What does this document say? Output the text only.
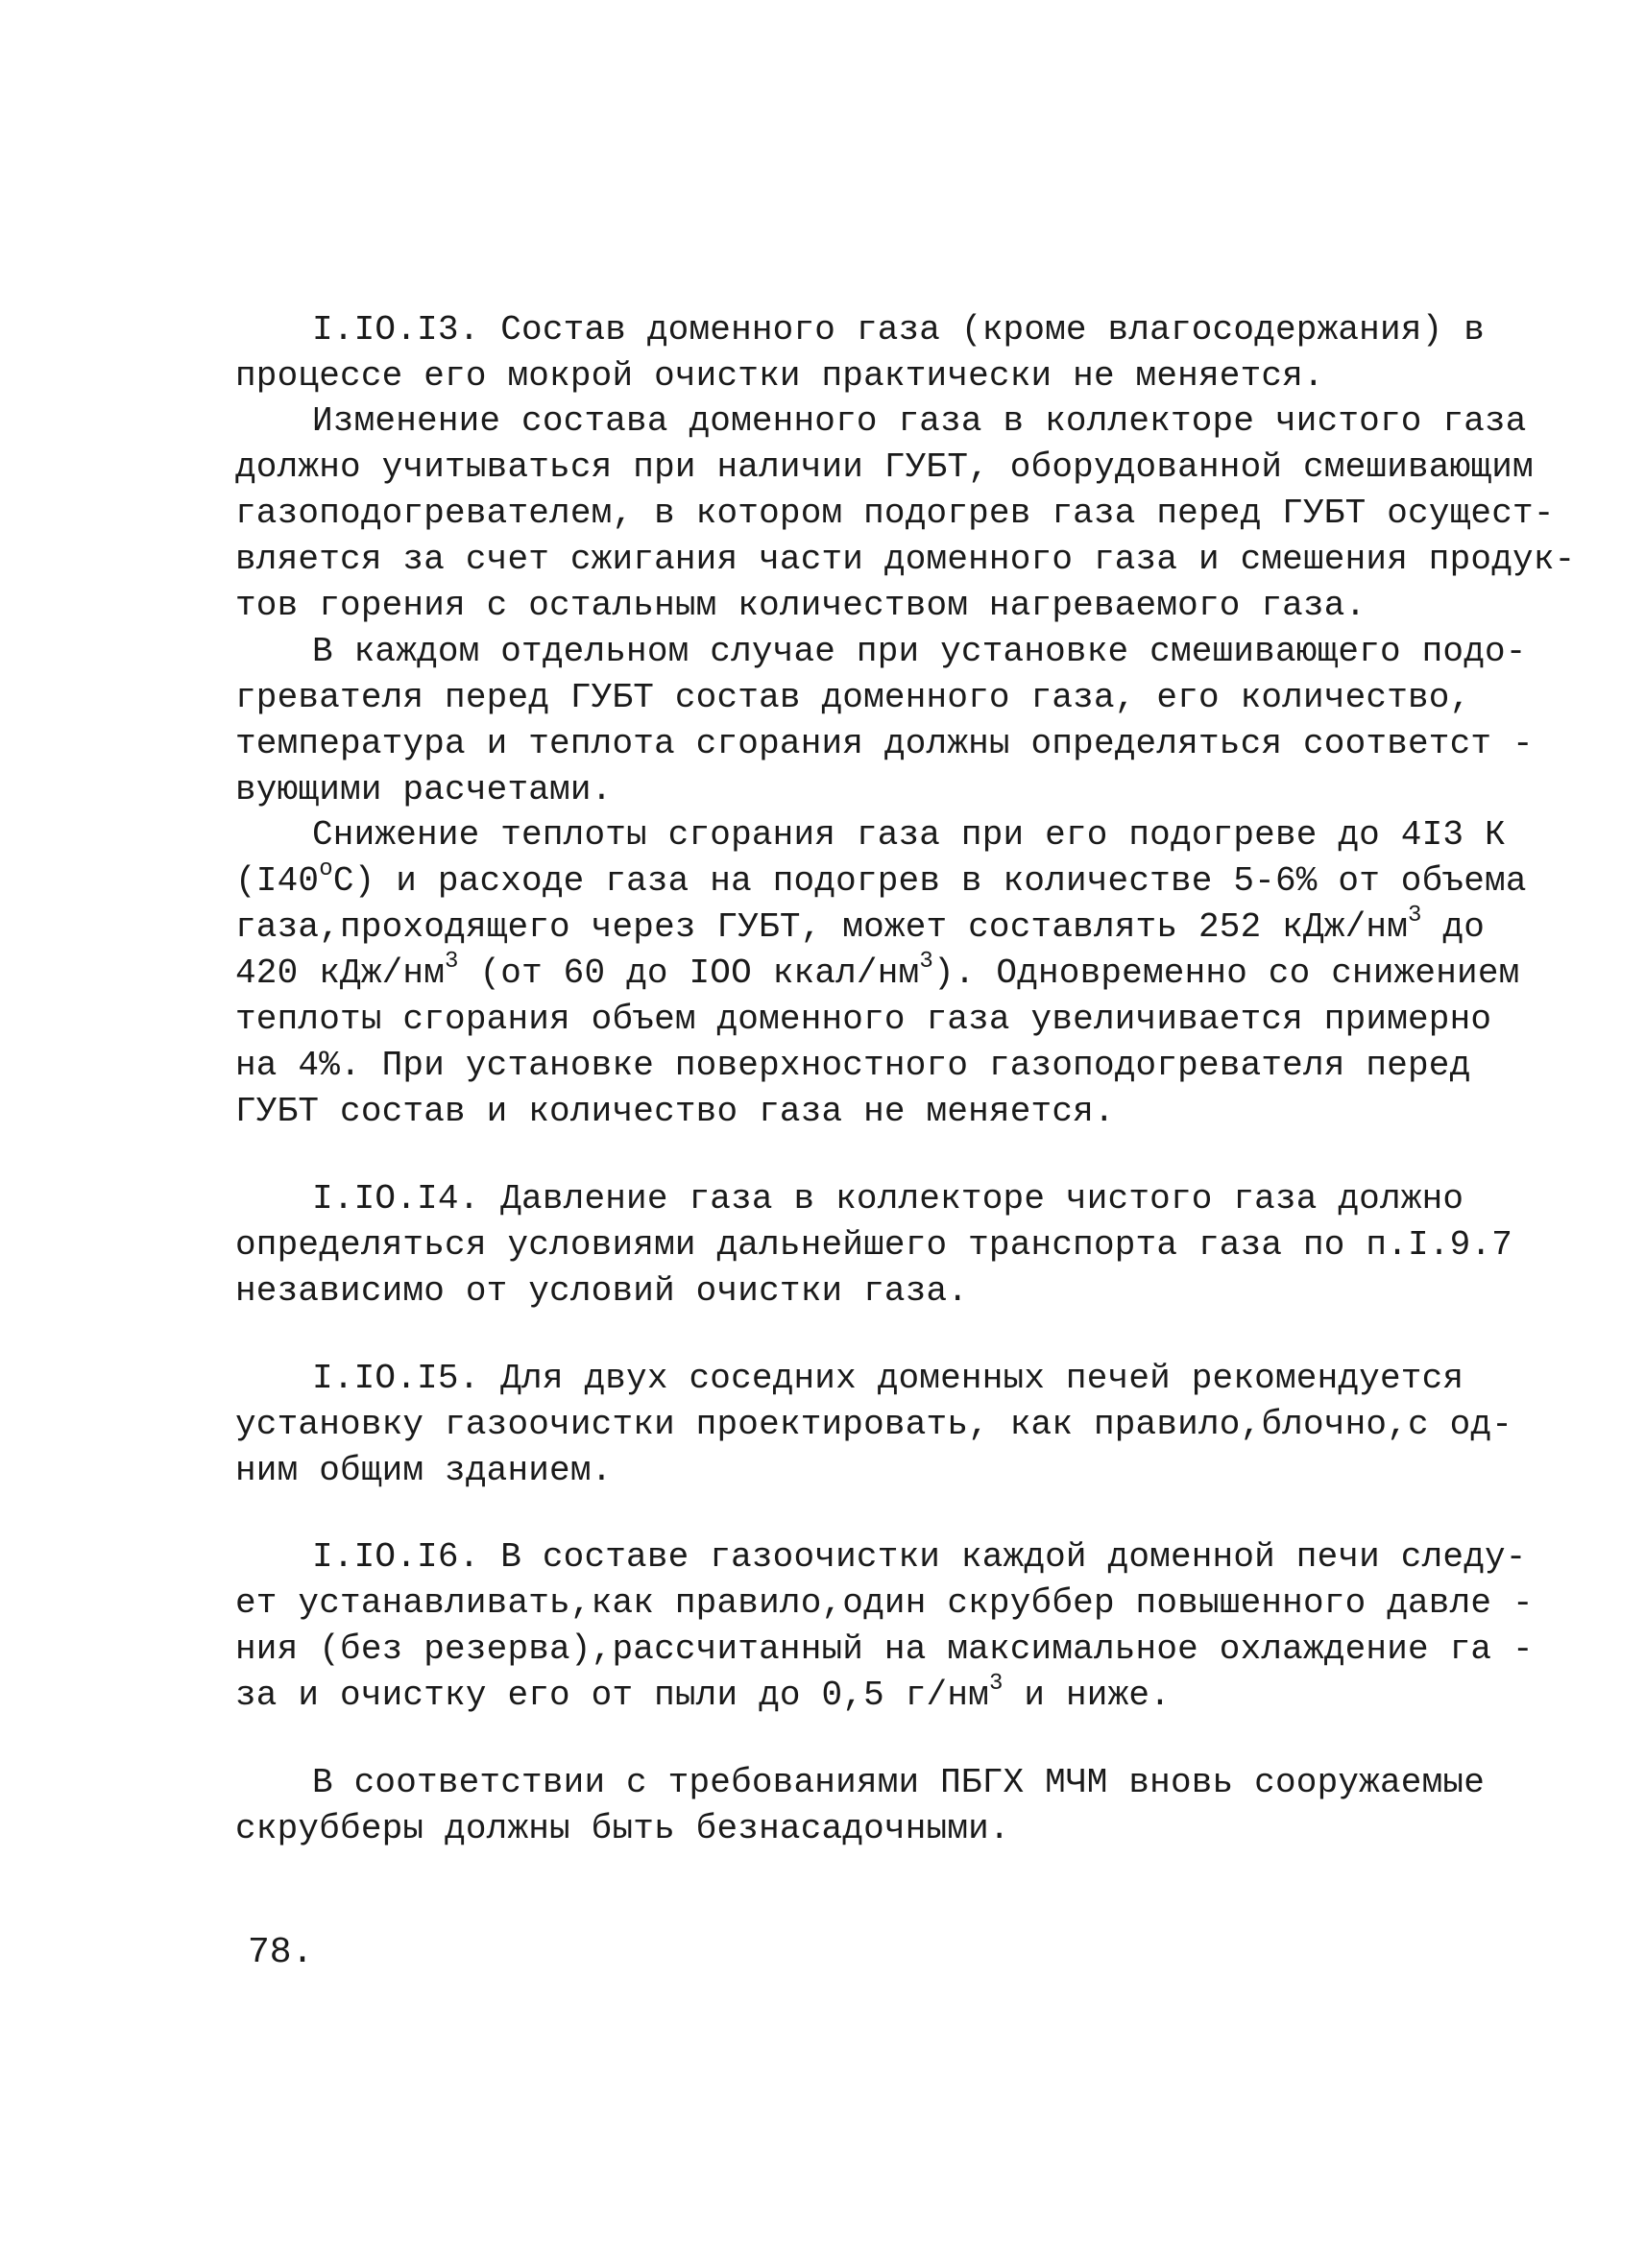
I.IO.I3. Состав доменного газа (кроме влагосодержания) в
процессе его мокрой очистки практически не меняется.
Изменение состава доменного газа в коллекторе чистого газа
должно учитываться при наличии ГУБТ, оборудованной смешивающим
газоподогревателем, в котором подогрев газа перед ГУБТ осущест-
вляется за счет сжигания части доменного газа и смешения продук-
тов горения с остальным количеством нагреваемого газа.
В каждом отдельном случае при установке смешивающего подо-
гревателя перед ГУБТ состав доменного газа, его количество,
температура и теплота сгорания должны определяться соответст -
вующими расчетами.
Снижение теплоты сгорания газа при его подогреве до 4I3 К
$(I40^оС)$ и расходе газа на подогрев в количестве 5-6% от объема
газа,проходящего через ГУБТ, может составлять 252 кДж/$нм^3$ до
420 кДж/$нм^3$ (от 60 до IOO ккал/$нм^3$). Одновременно со снижением
теплоты сгорания объем доменного газа увеличивается примерно
на 4%. При установке поверхностного газоподогревателя перед
ГУБТ состав и количество газа не меняется.
I.IO.I4. Давление газа в коллекторе чистого газа должно
определяться условиями дальнейшего транспорта газа по п.I.9.7
независимо от условий очистки газа.
I.IO.I5. Для двух соседних доменных печей рекомендуется
установку газоочистки проектировать, как правило,блочно,с од-
ним общим зданием.
I.IO.I6. В составе газоочистки каждой доменной печи следу-
ет устанавливать,как правило,один скруббер повышенного давле -
ния (без резерва),рассчитанный на максимальное охлаждение га -
за и очистку его от пыли до 0,5 $г/нм^3$ и ниже.
В соответствии с требованиями ПБГХ МЧМ вновь сооружаемые
скрубберы должны быть безнасадочными.
78.
